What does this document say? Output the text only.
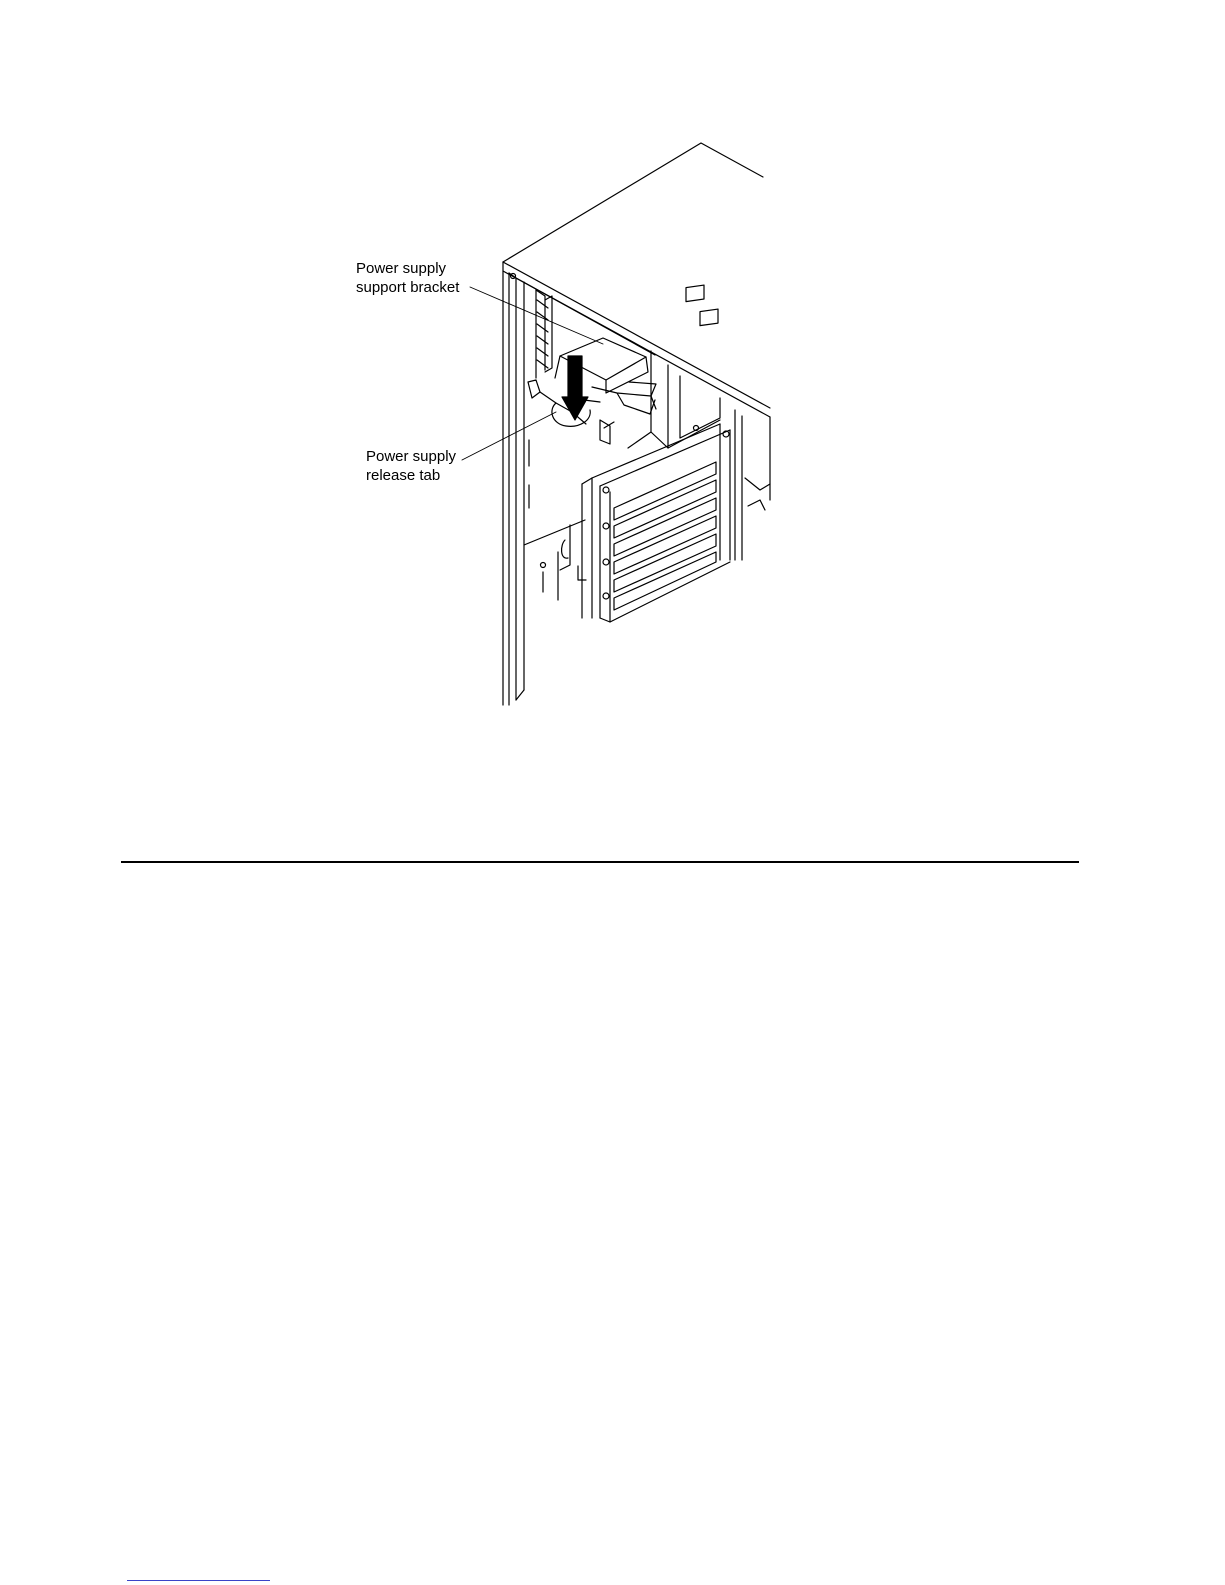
Power supply
support bracket
Power supply
release tab
